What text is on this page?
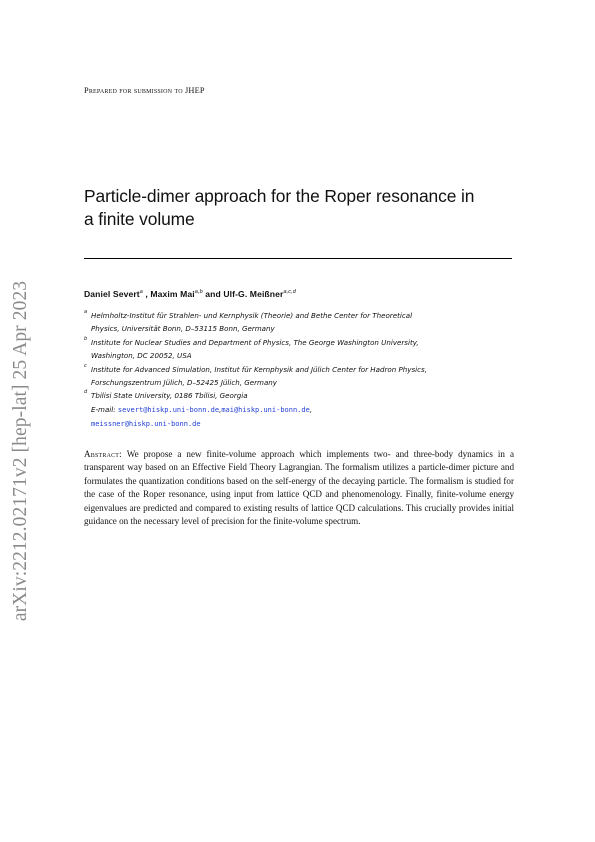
arXiv:2212.02171v2 [hep-lat] 25 Apr 2023
Prepared for submission to JHEP
Particle-dimer approach for the Roper resonance in
a finite volume
Daniel Severt$^a$ , Maxim Mai$^{a,b}$ and Ulf-G. Meißner$^{a,c,d}$
a Helmholtz-Institut für Strahlen- und Kernphysik (Theorie) and Bethe Center for Theoretical
Physics, Universität Bonn, D–53115 Bonn, Germany
b Institute for Nuclear Studies and Department of Physics, The George Washington University,
Washington, DC 20052, USA
c Institute for Advanced Simulation, Institut für Kernphysik and Jülich Center for Hadron Physics,
Forschungszentrum Jülich, D–52425 Jülich, Germany
d Tbilisi State University, 0186 Tbilisi, Georgia
E-mail: severt@hiskp.uni-bonn.de,mai@hiskp.uni-bonn.de,
meissner@hiskp.uni-bonn.de
Abstract: We propose a new finite-volume approach which implements two- and three-body dynamics in a transparent way based on an Effective Field Theory Lagrangian. The formalism utilizes a particle-dimer picture and formulates the quantization conditions based on the self-energy of the decaying particle. The formalism is studied for the case of the Roper resonance, using input from lattice QCD and phenomenology. Finally, finite-volume energy eigenvalues are predicted and compared to existing results of lattice QCD calculations. This crucially provides initial guidance on the necessary level of precision for the finite-volume spectrum.
